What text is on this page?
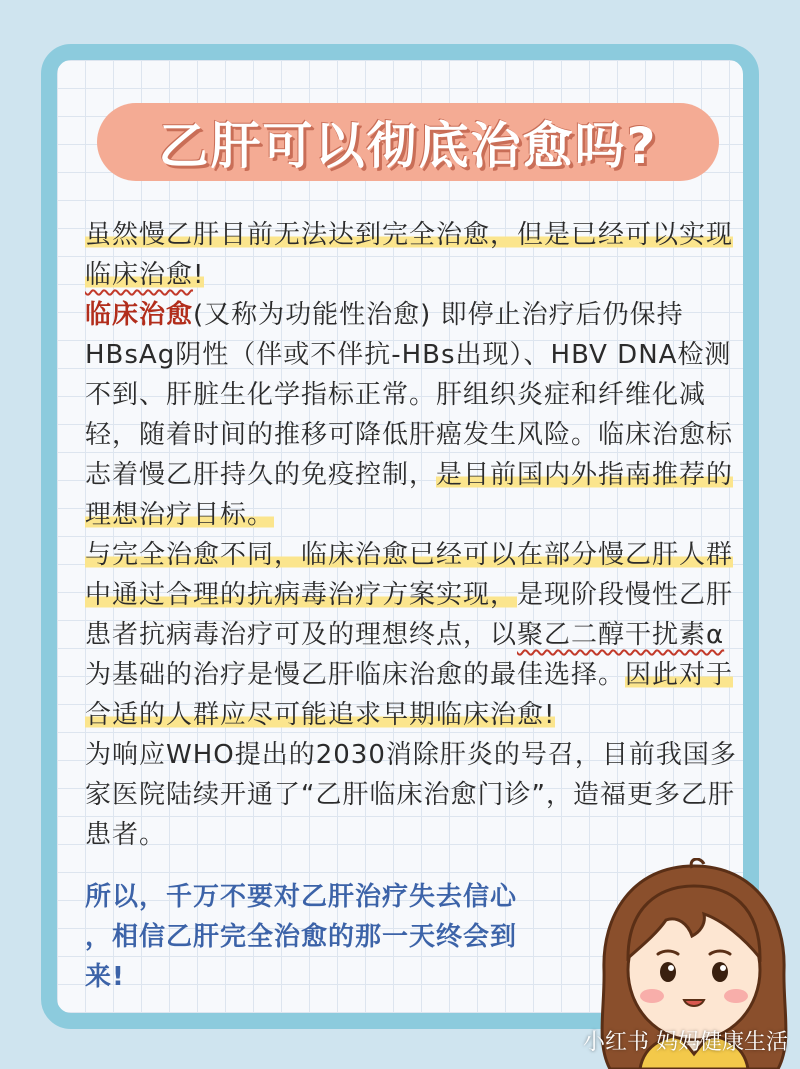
乙肝可以彻底治愈吗?

虽然慢乙肝目前无法达到完全治愈，但是已经可以实现临床治愈!

临床治愈(又称为功能性治愈) 即停止治疗后仍保持HBsAg阴性（伴或不伴抗-HBs出现）、HBV DNA检测不到、肝脏生化学指标正常。肝组织炎症和纤维化减轻，随着时间的推移可降低肝癌发生风险。临床治愈标志着慢乙肝持久的免疫控制，是目前国内外指南推荐的理想治疗目标。

与完全治愈不同，临床治愈已经可以在部分慢乙肝人群中通过合理的抗病毒治疗方案实现，是现阶段慢性乙肝患者抗病毒治疗可及的理想终点，以聚乙二醇干扰素α为基础的治疗是慢乙肝临床治愈的最佳选择。因此对于合适的人群应尽可能追求早期临床治愈!

为响应WHO提出的2030消除肝炎的号召，目前我国多家医院陆续开通了“乙肝临床治愈门诊”，造福更多乙肝患者。

所以，千万不要对乙肝治疗失去信心 ，相信乙肝完全治愈的那一天终会到来!

小红书 妈妈健康生活
